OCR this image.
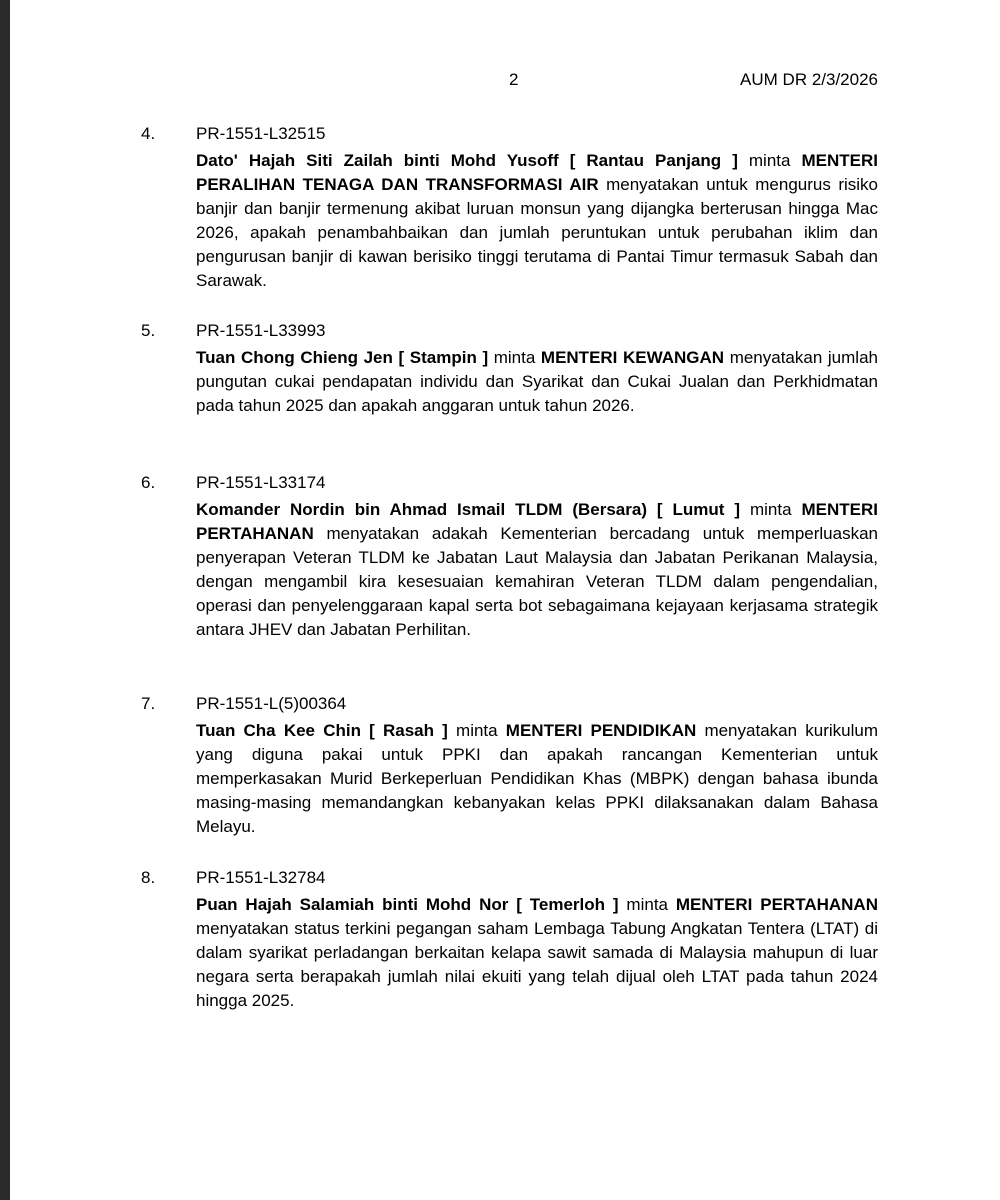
2	AUM DR 2/3/2026
4. PR-1551-L32515
Dato' Hajah Siti Zailah binti Mohd Yusoff [ Rantau Panjang ] minta MENTERI PERALIHAN TENAGA DAN TRANSFORMASI AIR menyatakan untuk mengurus risiko banjir dan banjir termenung akibat luruan monsun yang dijangka berterusan hingga Mac 2026, apakah penambahbaikan dan jumlah peruntukan untuk perubahan iklim dan pengurusan banjir di kawan berisiko tinggi terutama di Pantai Timur termasuk Sabah dan Sarawak.
5. PR-1551-L33993
Tuan Chong Chieng Jen [ Stampin ] minta MENTERI KEWANGAN menyatakan jumlah pungutan cukai pendapatan individu dan Syarikat dan Cukai Jualan dan Perkhidmatan pada tahun 2025 dan apakah anggaran untuk tahun 2026.
6. PR-1551-L33174
Komander Nordin bin Ahmad Ismail TLDM (Bersara) [ Lumut ] minta MENTERI PERTAHANAN menyatakan adakah Kementerian bercadang untuk memperluaskan penyerapan Veteran TLDM ke Jabatan Laut Malaysia dan Jabatan Perikanan Malaysia, dengan mengambil kira kesesuaian kemahiran Veteran TLDM dalam pengendalian, operasi dan penyelenggaraan kapal serta bot sebagaimana kejayaan kerjasama strategik antara JHEV dan Jabatan Perhilitan.
7. PR-1551-L(5)00364
Tuan Cha Kee Chin [ Rasah ] minta MENTERI PENDIDIKAN menyatakan kurikulum yang diguna pakai untuk PPKI dan apakah rancangan Kementerian untuk memperkasakan Murid Berkeperluan Pendidikan Khas (MBPK) dengan bahasa ibunda masing-masing memandangkan kebanyakan kelas PPKI dilaksanakan dalam Bahasa Melayu.
8. PR-1551-L32784
Puan Hajah Salamiah binti Mohd Nor [ Temerloh ] minta MENTERI PERTAHANAN menyatakan status terkini pegangan saham Lembaga Tabung Angkatan Tentera (LTAT) di dalam syarikat perladangan berkaitan kelapa sawit samada di Malaysia mahupun di luar negara serta berapakah jumlah nilai ekuiti yang telah dijual oleh LTAT pada tahun 2024 hingga 2025.
